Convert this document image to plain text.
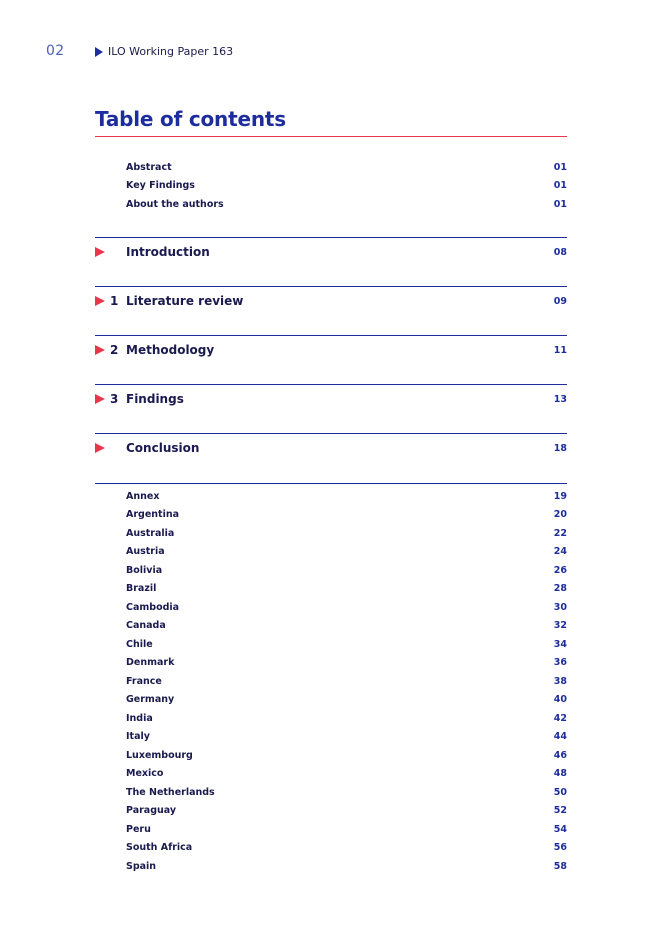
02	ILO Working Paper 163
Table of contents
Abstract	01
Key Findings	01
About the authors	01
Introduction	08
1 Literature review	09
2 Methodology	11
3 Findings	13
Conclusion	18
Annex	19
Argentina	20
Australia	22
Austria	24
Bolivia	26
Brazil	28
Cambodia	30
Canada	32
Chile	34
Denmark	36
France	38
Germany	40
India	42
Italy	44
Luxembourg	46
Mexico	48
The Netherlands	50
Paraguay	52
Peru	54
South Africa	56
Spain	58
